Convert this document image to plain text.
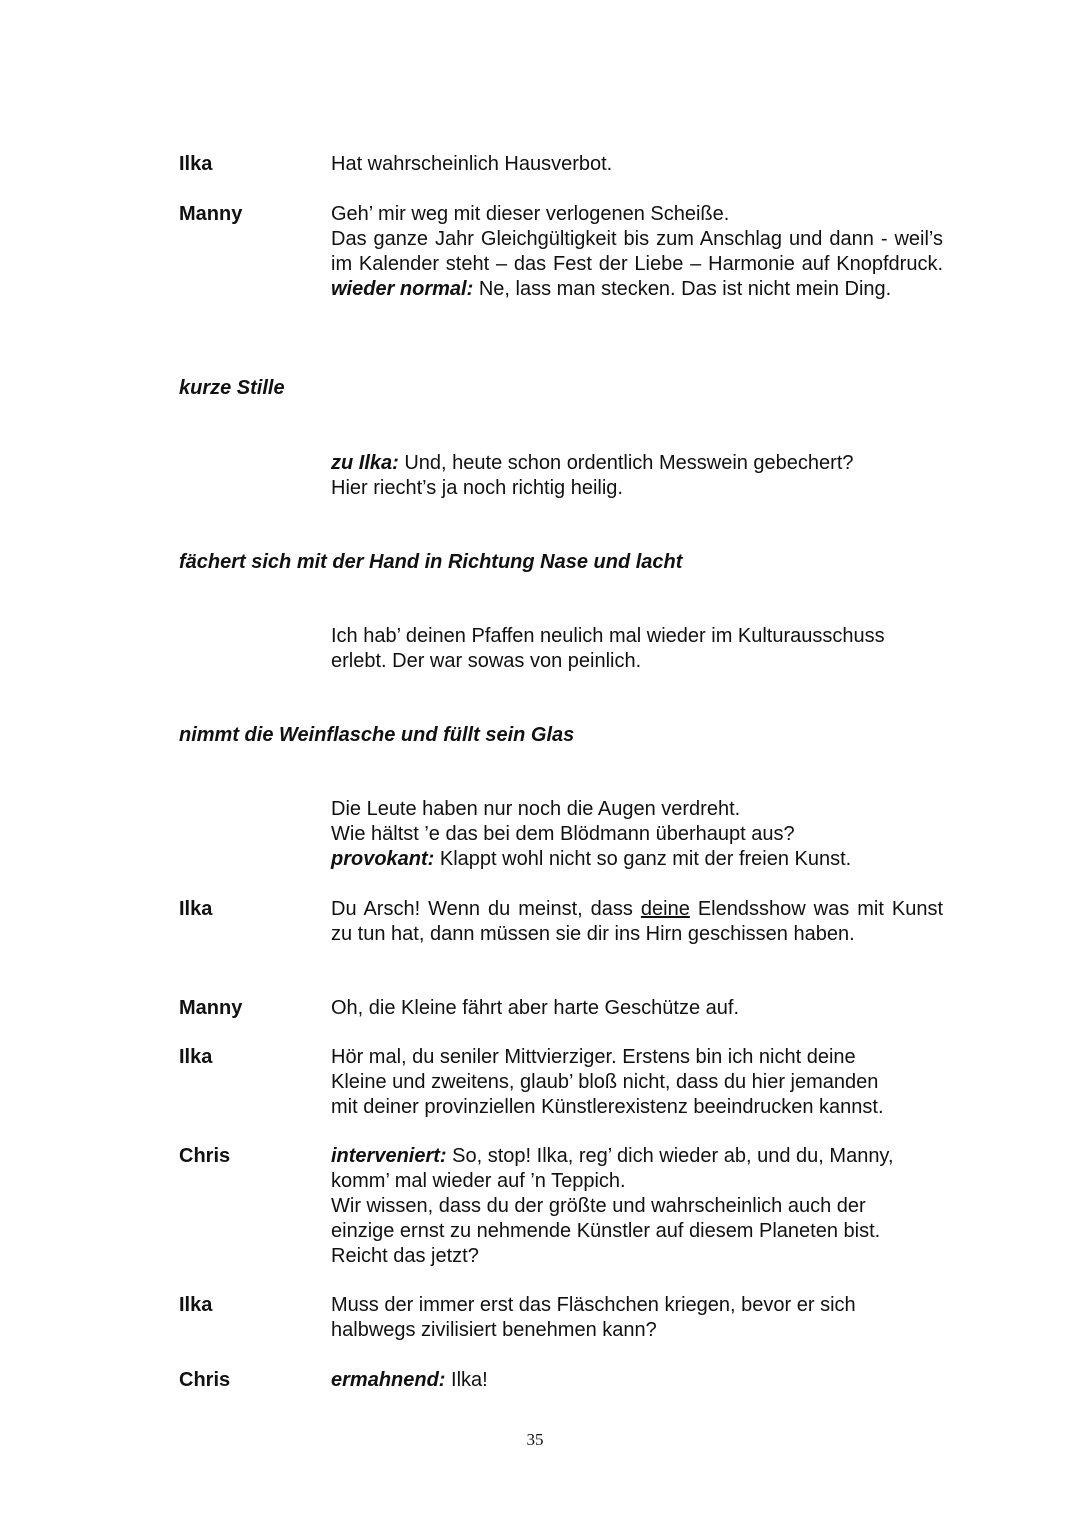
Ilka	Hat wahrscheinlich Hausverbot.
Manny	Geh’ mir weg mit dieser verlogenen Scheiße.
Das ganze Jahr Gleichgültigkeit bis zum Anschlag und dann - weil’s im Kalender steht – das Fest der Liebe – Harmonie auf Knopfdruck. wieder normal: Ne, lass man stecken. Das ist nicht mein Ding.
kurze Stille
zu Ilka: Und, heute schon ordentlich Messwein gebechert?
Hier riecht’s ja noch richtig heilig.
fächert sich mit der Hand in Richtung Nase und lacht
Ich hab’ deinen Pfaffen neulich mal wieder im Kulturausschuss
erlebt. Der war sowas von peinlich.
nimmt die Weinflasche und füllt sein Glas
Die Leute haben nur noch die Augen verdreht.
Wie hältst ’e das bei dem Blödmann überhaupt aus?
provokant: Klappt wohl nicht so ganz mit der freien Kunst.
Ilka	Du Arsch! Wenn du meinst, dass deine Elendsshow was mit Kunst zu tun hat, dann müssen sie dir ins Hirn geschissen haben.
Manny	Oh, die Kleine fährt aber harte Geschütze auf.
Ilka	Hör mal, du seniler Mittvierziger. Erstens bin ich nicht deine
Kleine und zweitens, glaub’ bloß nicht, dass du hier jemanden
mit deiner provinziellen Künstlerexistenz beeindrucken kannst.
Chris	interveniert: So, stop! Ilka, reg’ dich wieder ab, und du, Manny,
komm’ mal wieder auf ’n Teppich.
Wir wissen, dass du der größte und wahrscheinlich auch der
einzige ernst zu nehmende Künstler auf diesem Planeten bist.
Reicht das jetzt?
Ilka	Muss der immer erst das Fläschchen kriegen, bevor er sich
halbwegs zivilisiert benehmen kann?
Chris	ermahnend: Ilka!
35
